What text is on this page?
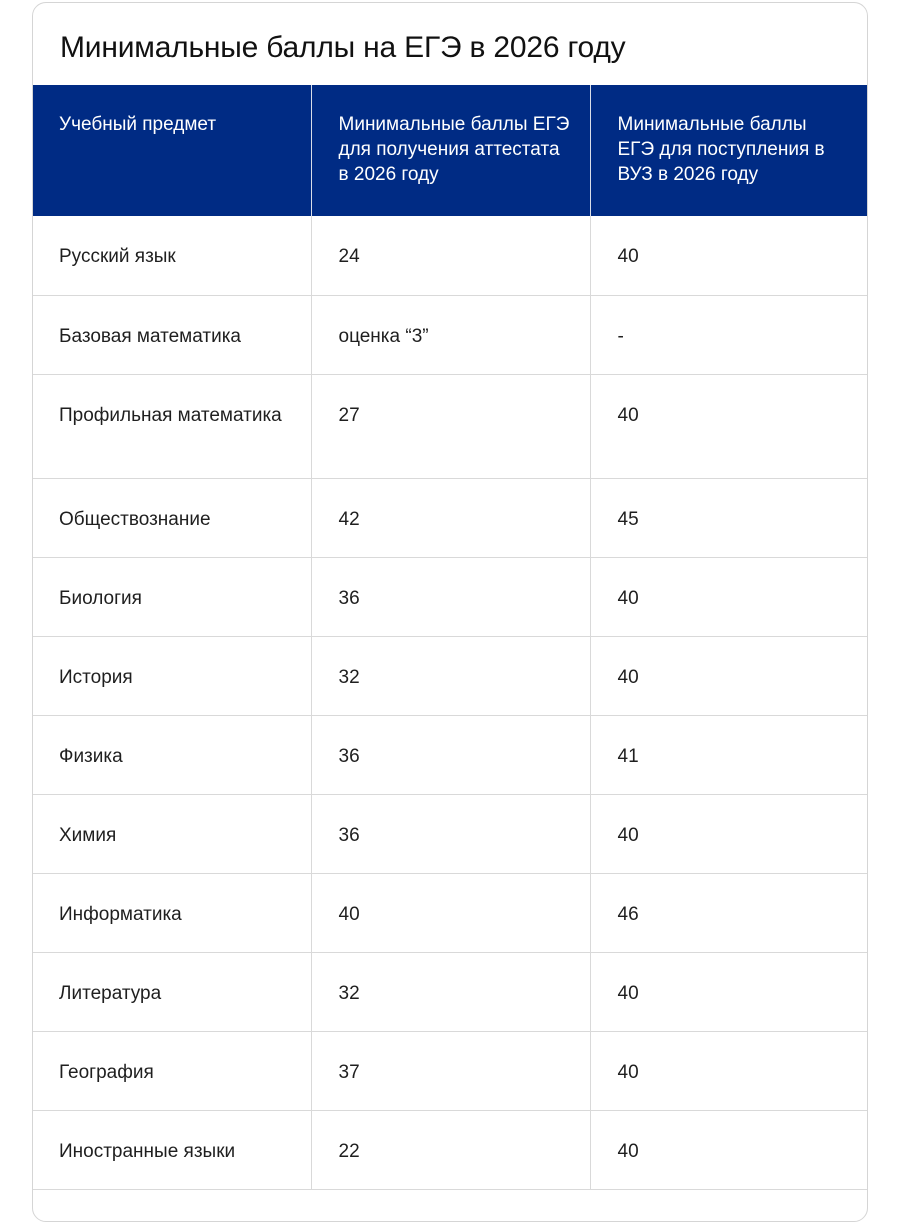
Минимальные баллы на ЕГЭ в 2026 году
Учебный предмет	Минимальные баллы ЕГЭ для получения аттестата в 2026 году	Минимальные баллы ЕГЭ для поступления в ВУЗ в 2026 году
Русский язык	24	40
Базовая математика	оценка “3”	-
Профильная математика	27	40
Обществознание	42	45
Биология	36	40
История	32	40
Физика	36	41
Химия	36	40
Информатика	40	46
Литература	32	40
География	37	40
Иностранные языки	22	40
